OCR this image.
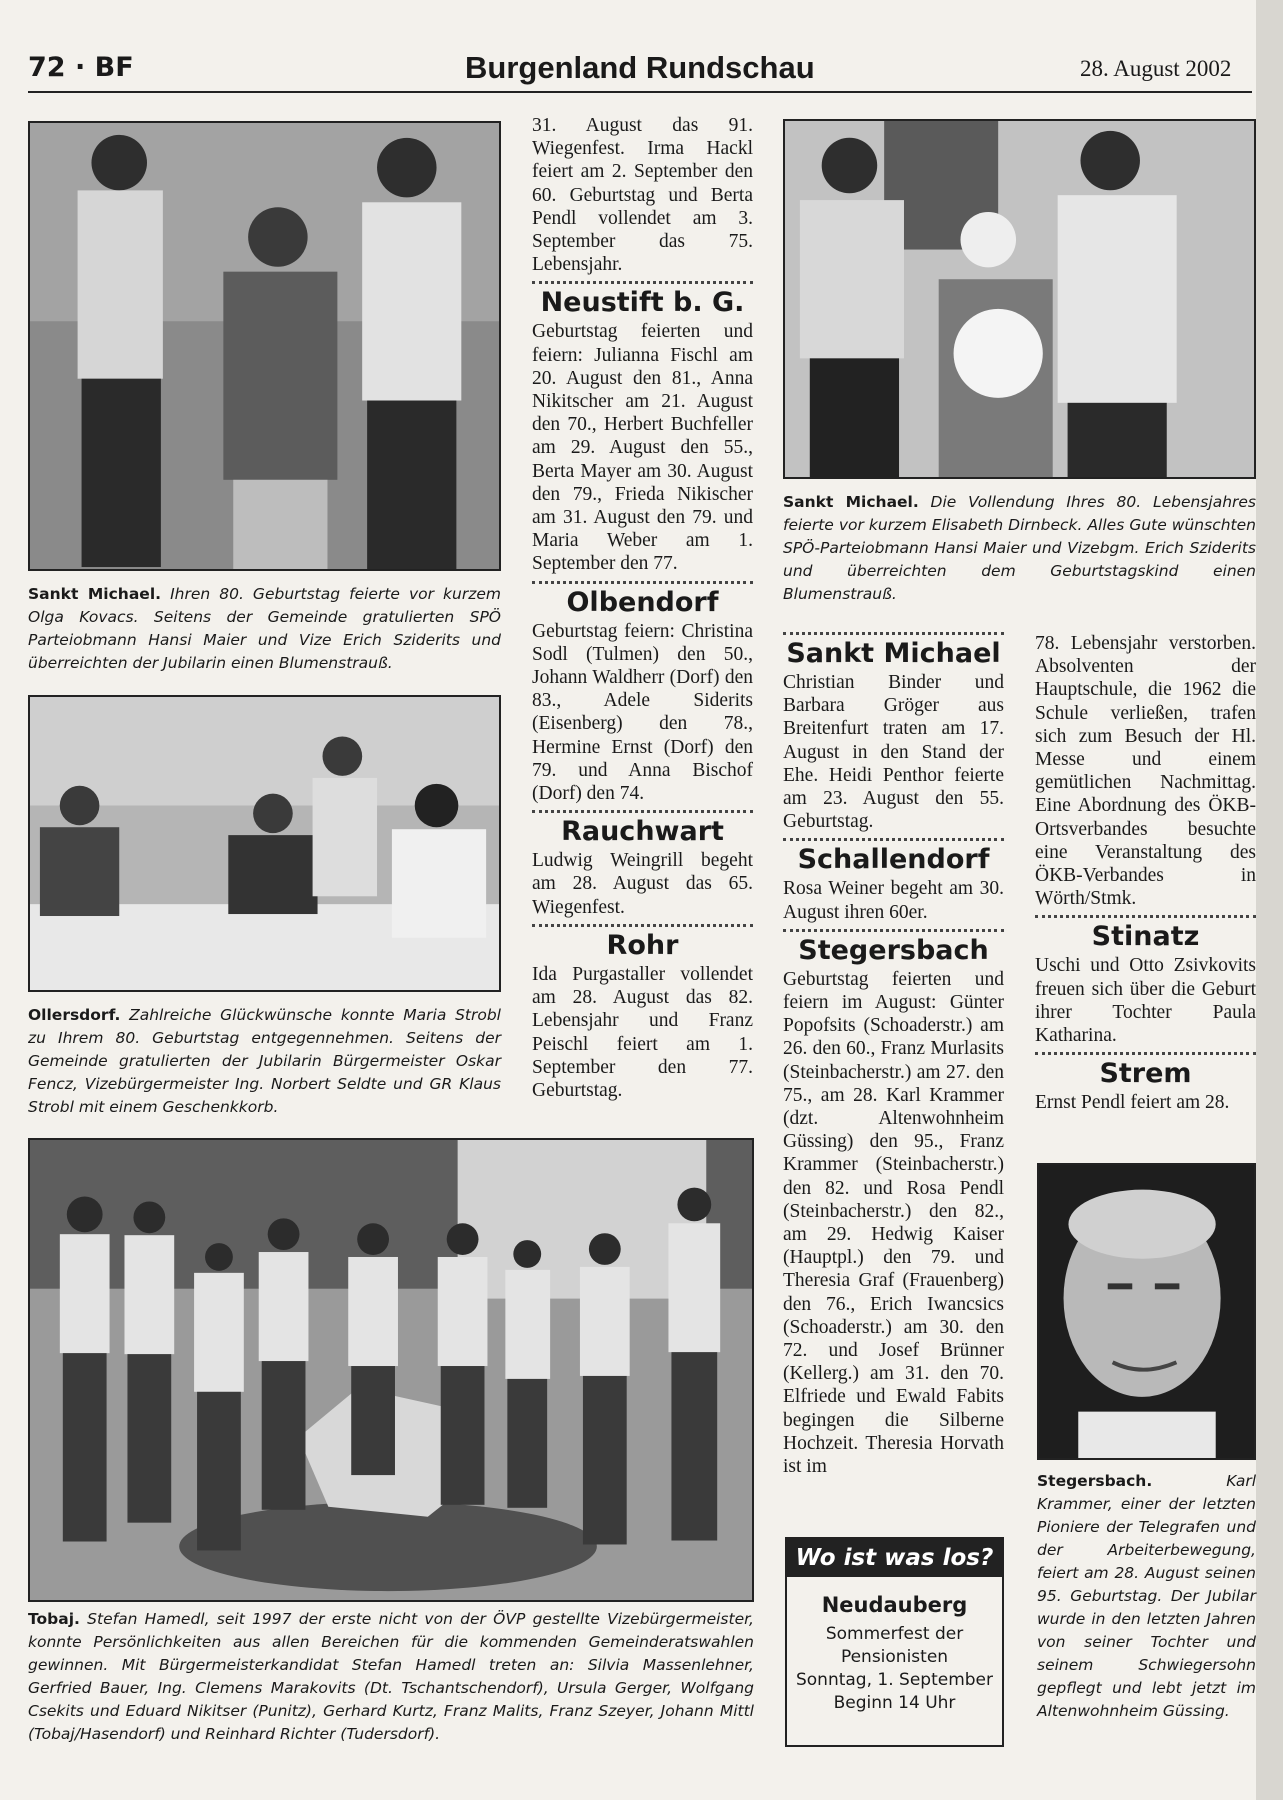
72 · BF	Burgenland Rundschau	28. August 2002
Sankt Michael. Ihren 80. Geburtstag feierte vor kurzem Olga Kovacs. Seitens der Gemeinde gratulierten SPÖ Parteiobmann Hansi Maier und Vize Erich Sziderits und überreichten der Jubilarin einen Blumenstrauß.
Ollersdorf. Zahlreiche Glückwünsche konnte Maria Strobl zu Ihrem 80. Geburtstag entgegennehmen. Seitens der Gemeinde gratulierten der Jubilarin Bürgermeister Oskar Fencz, Vizebürgermeister Ing. Norbert Seldte und GR Klaus Strobl mit einem Geschenkkorb.
Sankt Michael. Die Vollendung Ihres 80. Lebensjahres feierte vor kurzem Elisabeth Dirnbeck. Alles Gute wünschten SPÖ-Parteiobmann Hansi Maier und Vizebgm. Erich Sziderits und überreichten dem Geburtstagskind einen Blumenstrauß.
Tobaj. Stefan Hamedl, seit 1997 der erste nicht von der ÖVP gestellte Vizebürgermeister, konnte Persönlichkeiten aus allen Bereichen für die kommenden Gemeinderatswahlen gewinnen. Mit Bürgermeisterkandidat Stefan Hamedl treten an: Silvia Massenlehner, Gerfried Bauer, Ing. Clemens Marakovits (Dt. Tschantschendorf), Ursula Gerger, Wolfgang Csekits und Eduard Nikitser (Punitz), Gerhard Kurtz, Franz Malits, Franz Szeyer, Johann Mittl (Tobaj/Hasendorf) und Reinhard Richter (Tudersdorf).
Stegersbach. Karl Krammer, einer der letzten Pioniere der Telegrafen und der Arbeiterbewegung, feiert am 28. August seinen 95. Geburtstag. Der Jubilar wurde in den letzten Jahren von seiner Tochter und seinem Schwiegersohn gepflegt und lebt jetzt im Altenwohnheim Güssing.

31. August das 91. Wiegenfest. Irma Hackl feiert am 2. September den 60. Geburtstag und Berta Pendl vollendet am 3. September das 75. Lebensjahr.

Neustift b. G.

Geburtstag feierten und feiern: Julianna Fischl am 20. August den 81., Anna Nikitscher am 21. August den 70., Herbert Buchfeller am 29. August den 55., Berta Mayer am 30. August den 79., Frieda Nikischer am 31. August den 79. und Maria Weber am 1. September den 77.

Olbendorf

Geburtstag feiern: Christina Sodl (Tulmen) den 50., Johann Waldherr (Dorf) den 83., Adele Siderits (Eisenberg) den 78., Hermine Ernst (Dorf) den 79. und Anna Bischof (Dorf) den 74.

Rauchwart

Ludwig Weingrill begeht am 28. August das 65. Wiegenfest.

Rohr

Ida Purgastaller vollendet am 28. August das 82. Lebensjahr und Franz Peischl feiert am 1. September den 77. Geburtstag.

Sankt Michael

Christian Binder und Barbara Gröger aus Breitenfurt traten am 17. August in den Stand der Ehe. Heidi Penthor feierte am 23. August den 55. Geburtstag.

Schallendorf

Rosa Weiner begeht am 30. August ihren 60er.

Stegersbach

Geburtstag feierten und feiern im August: Günter Popofsits (Schoaderstr.) am 26. den 60., Franz Murlasits (Steinbacherstr.) am 27. den 75., am 28. Karl Krammer (dzt. Altenwohnheim Güssing) den 95., Franz Krammer (Steinbacherstr.) den 82. und Rosa Pendl (Steinbacherstr.) den 82., am 29. Hedwig Kaiser (Hauptpl.) den 79. und Theresia Graf (Frauenberg) den 76., Erich Iwancsics (Schoaderstr.) am 30. den 72. und Josef Brünner (Kellerg.) am 31. den 70. Elfriede und Ewald Fabits begingen die Silberne Hochzeit. Theresia Horvath ist im

Wo ist was los?
Neudauberg
Sommerfest der
Pensionisten
Sonntag, 1. September
Beginn 14 Uhr

78. Lebensjahr verstorben. Absolventen der Hauptschule, die 1962 die Schule verließen, trafen sich zum Besuch der Hl. Messe und einem gemütlichen Nachmittag. Eine Abordnung des ÖKB-Ortsverbandes besuchte eine Veranstaltung des ÖKB-Verbandes in Wörth/Stmk.

Stinatz

Uschi und Otto Zsivkovits freuen sich über die Geburt ihrer Tochter Paula Katharina.

Strem

Ernst Pendl feiert am 28.
